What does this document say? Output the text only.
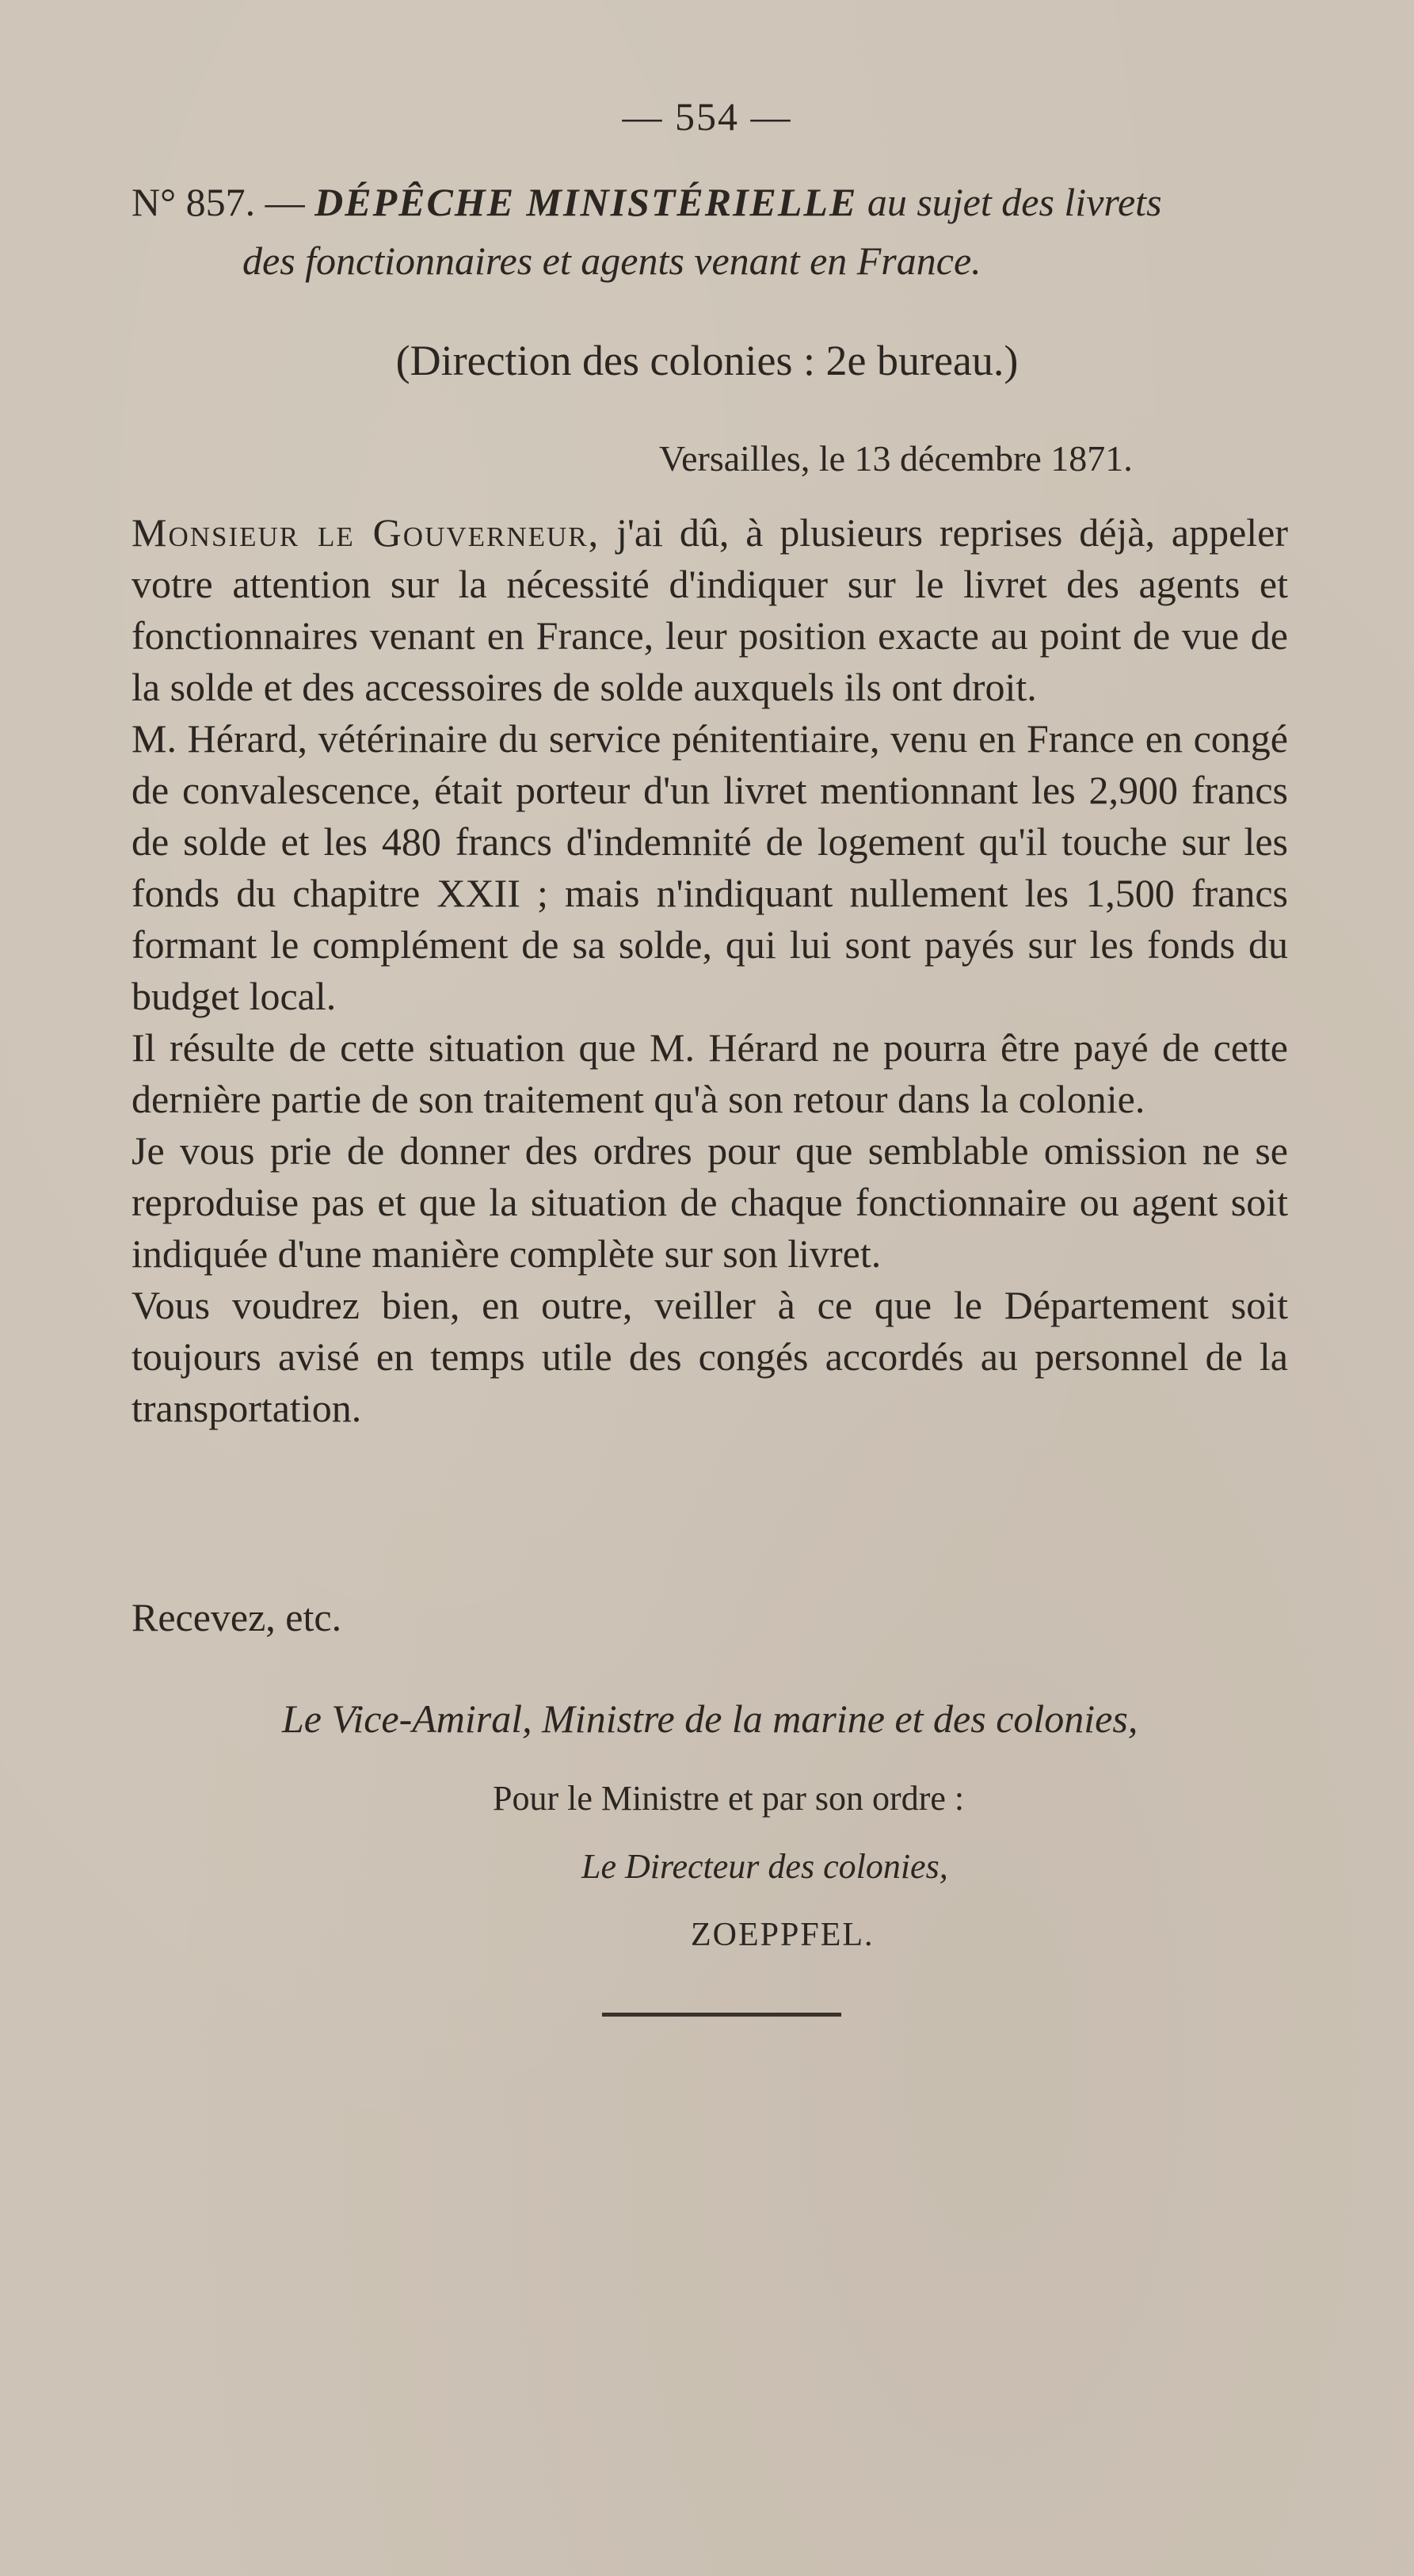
— 554 —
N° 857. — DÉPÊCHE MINISTÉRIELLE au sujet des livrets
des fonctionnaires et agents venant en France.
(Direction des colonies : 2e bureau.)
Versailles, le 13 décembre 1871.

Monsieur le Gouverneur, j'ai dû, à plusieurs reprises déjà, appeler votre attention sur la nécessité d'indiquer sur le livret des agents et fonctionnaires venant en France, leur position exacte au point de vue de la solde et des accessoires de solde auxquels ils ont droit.

M. Hérard, vétérinaire du service pénitentiaire, venu en France en congé de convalescence, était porteur d'un livret mentionnant les 2,900 francs de solde et les 480 francs d'indemnité de logement qu'il touche sur les fonds du chapitre XXII ; mais n'indiquant nullement les 1,500 francs formant le complément de sa solde, qui lui sont payés sur les fonds du budget local.

Il résulte de cette situation que M. Hérard ne pourra être payé de cette dernière partie de son traitement qu'à son retour dans la colonie.

Je vous prie de donner des ordres pour que semblable omission ne se reproduise pas et que la situation de chaque fonctionnaire ou agent soit indiquée d'une manière complète sur son livret.

Vous voudrez bien, en outre, veiller à ce que le Département soit toujours avisé en temps utile des congés accordés au personnel de la transportation.

Recevez, etc.
Le Vice-Amiral, Ministre de la marine et des colonies,
Pour le Ministre et par son ordre :
Le Directeur des colonies,
ZOEPPFEL.
